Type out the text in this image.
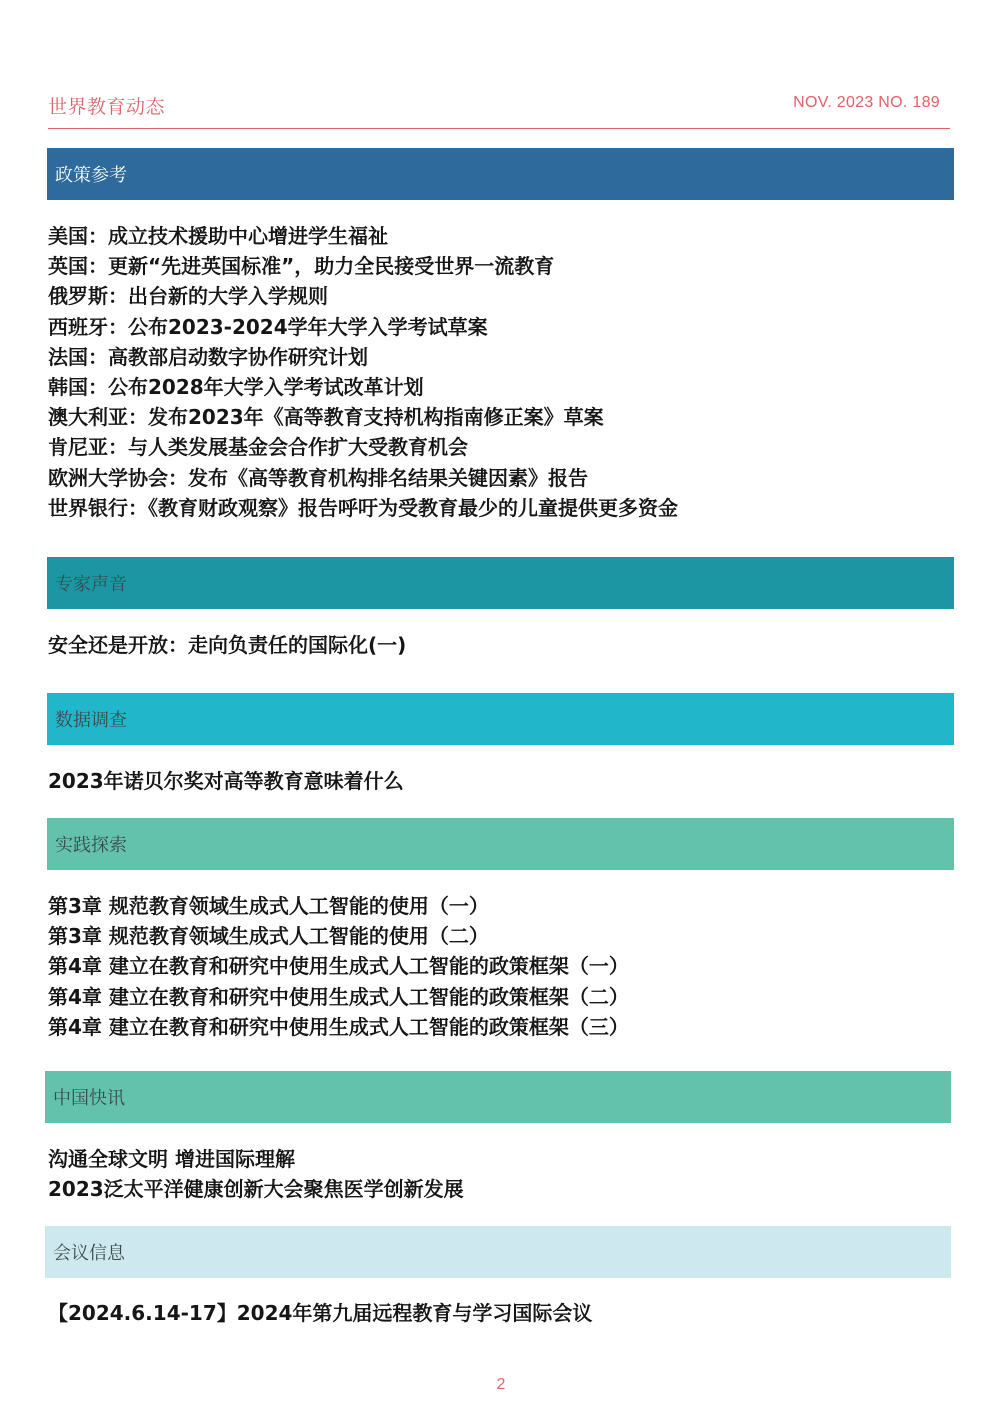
世界教育动态	NOV. 2023 NO. 189
政策参考
美国：成立技术援助中心增进学生福祉
英国：更新“先进英国标准”，助力全民接受世界一流教育
俄罗斯：出台新的大学入学规则
西班牙：公布2023-2024学年大学入学考试草案
法国：高教部启动数字协作研究计划
韩国：公布2028年大学入学考试改革计划
澳大利亚：发布2023年《高等教育支持机构指南修正案》草案
肯尼亚：与人类发展基金会合作扩大受教育机会
欧洲大学协会：发布《高等教育机构排名结果关键因素》报告
世界银行：《教育财政观察》报告呼吁为受教育最少的儿童提供更多资金
专家声音
安全还是开放：走向负责任的国际化(一)
数据调查
2023年诺贝尔奖对高等教育意味着什么
实践探索
第3章 规范教育领域生成式人工智能的使用（一）
第3章 规范教育领域生成式人工智能的使用（二）
第4章 建立在教育和研究中使用生成式人工智能的政策框架（一）
第4章 建立在教育和研究中使用生成式人工智能的政策框架（二）
第4章 建立在教育和研究中使用生成式人工智能的政策框架（三）
中国快讯
沟通全球文明 增进国际理解
2023泛太平洋健康创新大会聚焦医学创新发展
会议信息
【2024.6.14-17】2024年第九届远程教育与学习国际会议
2
